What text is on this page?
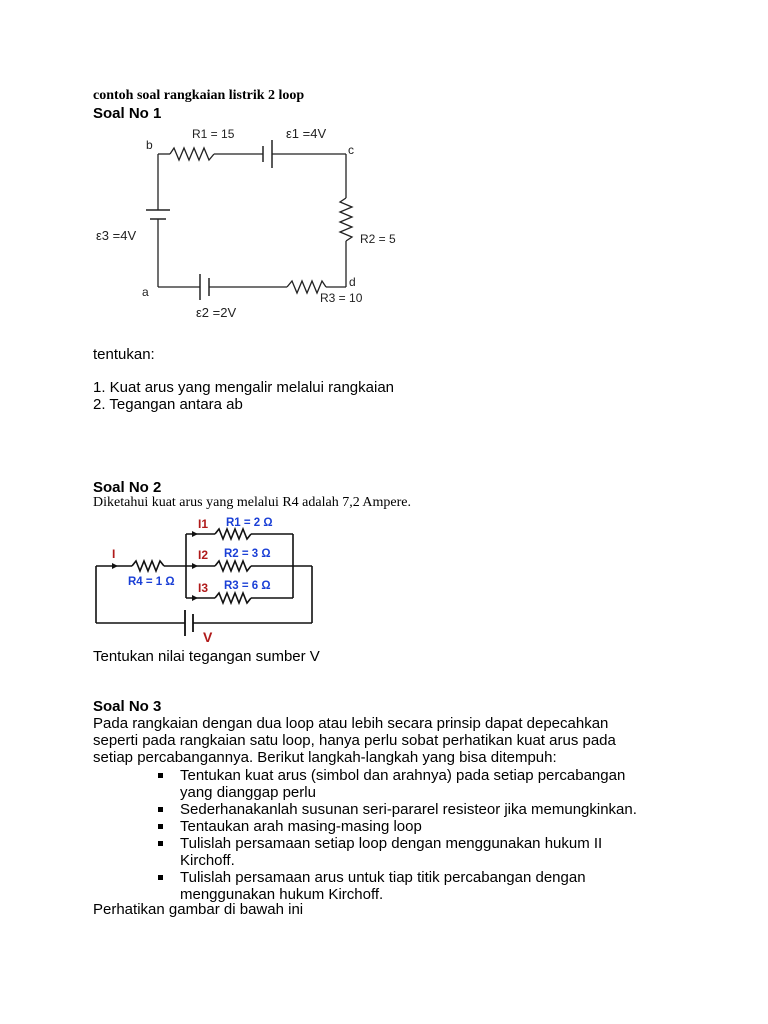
contoh soal rangkaian listrik 2 loop
Soal No 1
b	c
a
d
R1 = 15	ε1 =4V
R2 = 5
R3 = 10
ε3 =4V
ε2 =2V
tentukan:
1. Kuat arus yang mengalir melalui rangkaian
2. Tegangan antara ab
Soal No 2
Diketahui kuat arus yang melalui R4 adalah 7,2 Ampere.
I
I1
I2
I3
V
R1 = 2 Ω
R2 = 3 Ω
R3 = 6 Ω
R4 = 1 Ω
Tentukan nilai tegangan sumber V
Soal No 3
Pada rangkaian dengan dua loop atau lebih secara prinsip dapat depecahkan
seperti pada rangkaian satu loop, hanya perlu sobat perhatikan kuat arus pada
setiap percabangannya. Berikut langkah-langkah yang bisa ditempuh:
Tentukan kuat arus (simbol dan arahnya) pada setiap percabangan
yang dianggap perlu
Sederhanakanlah susunan seri-pararel resisteor jika memungkinkan.
Tentaukan arah masing-masing loop
Tulislah persamaan setiap loop dengan menggunakan hukum II
Kirchoff.
Tulislah persamaan arus untuk tiap titik percabangan dengan
menggunakan hukum Kirchoff.
Perhatikan gambar di bawah ini
